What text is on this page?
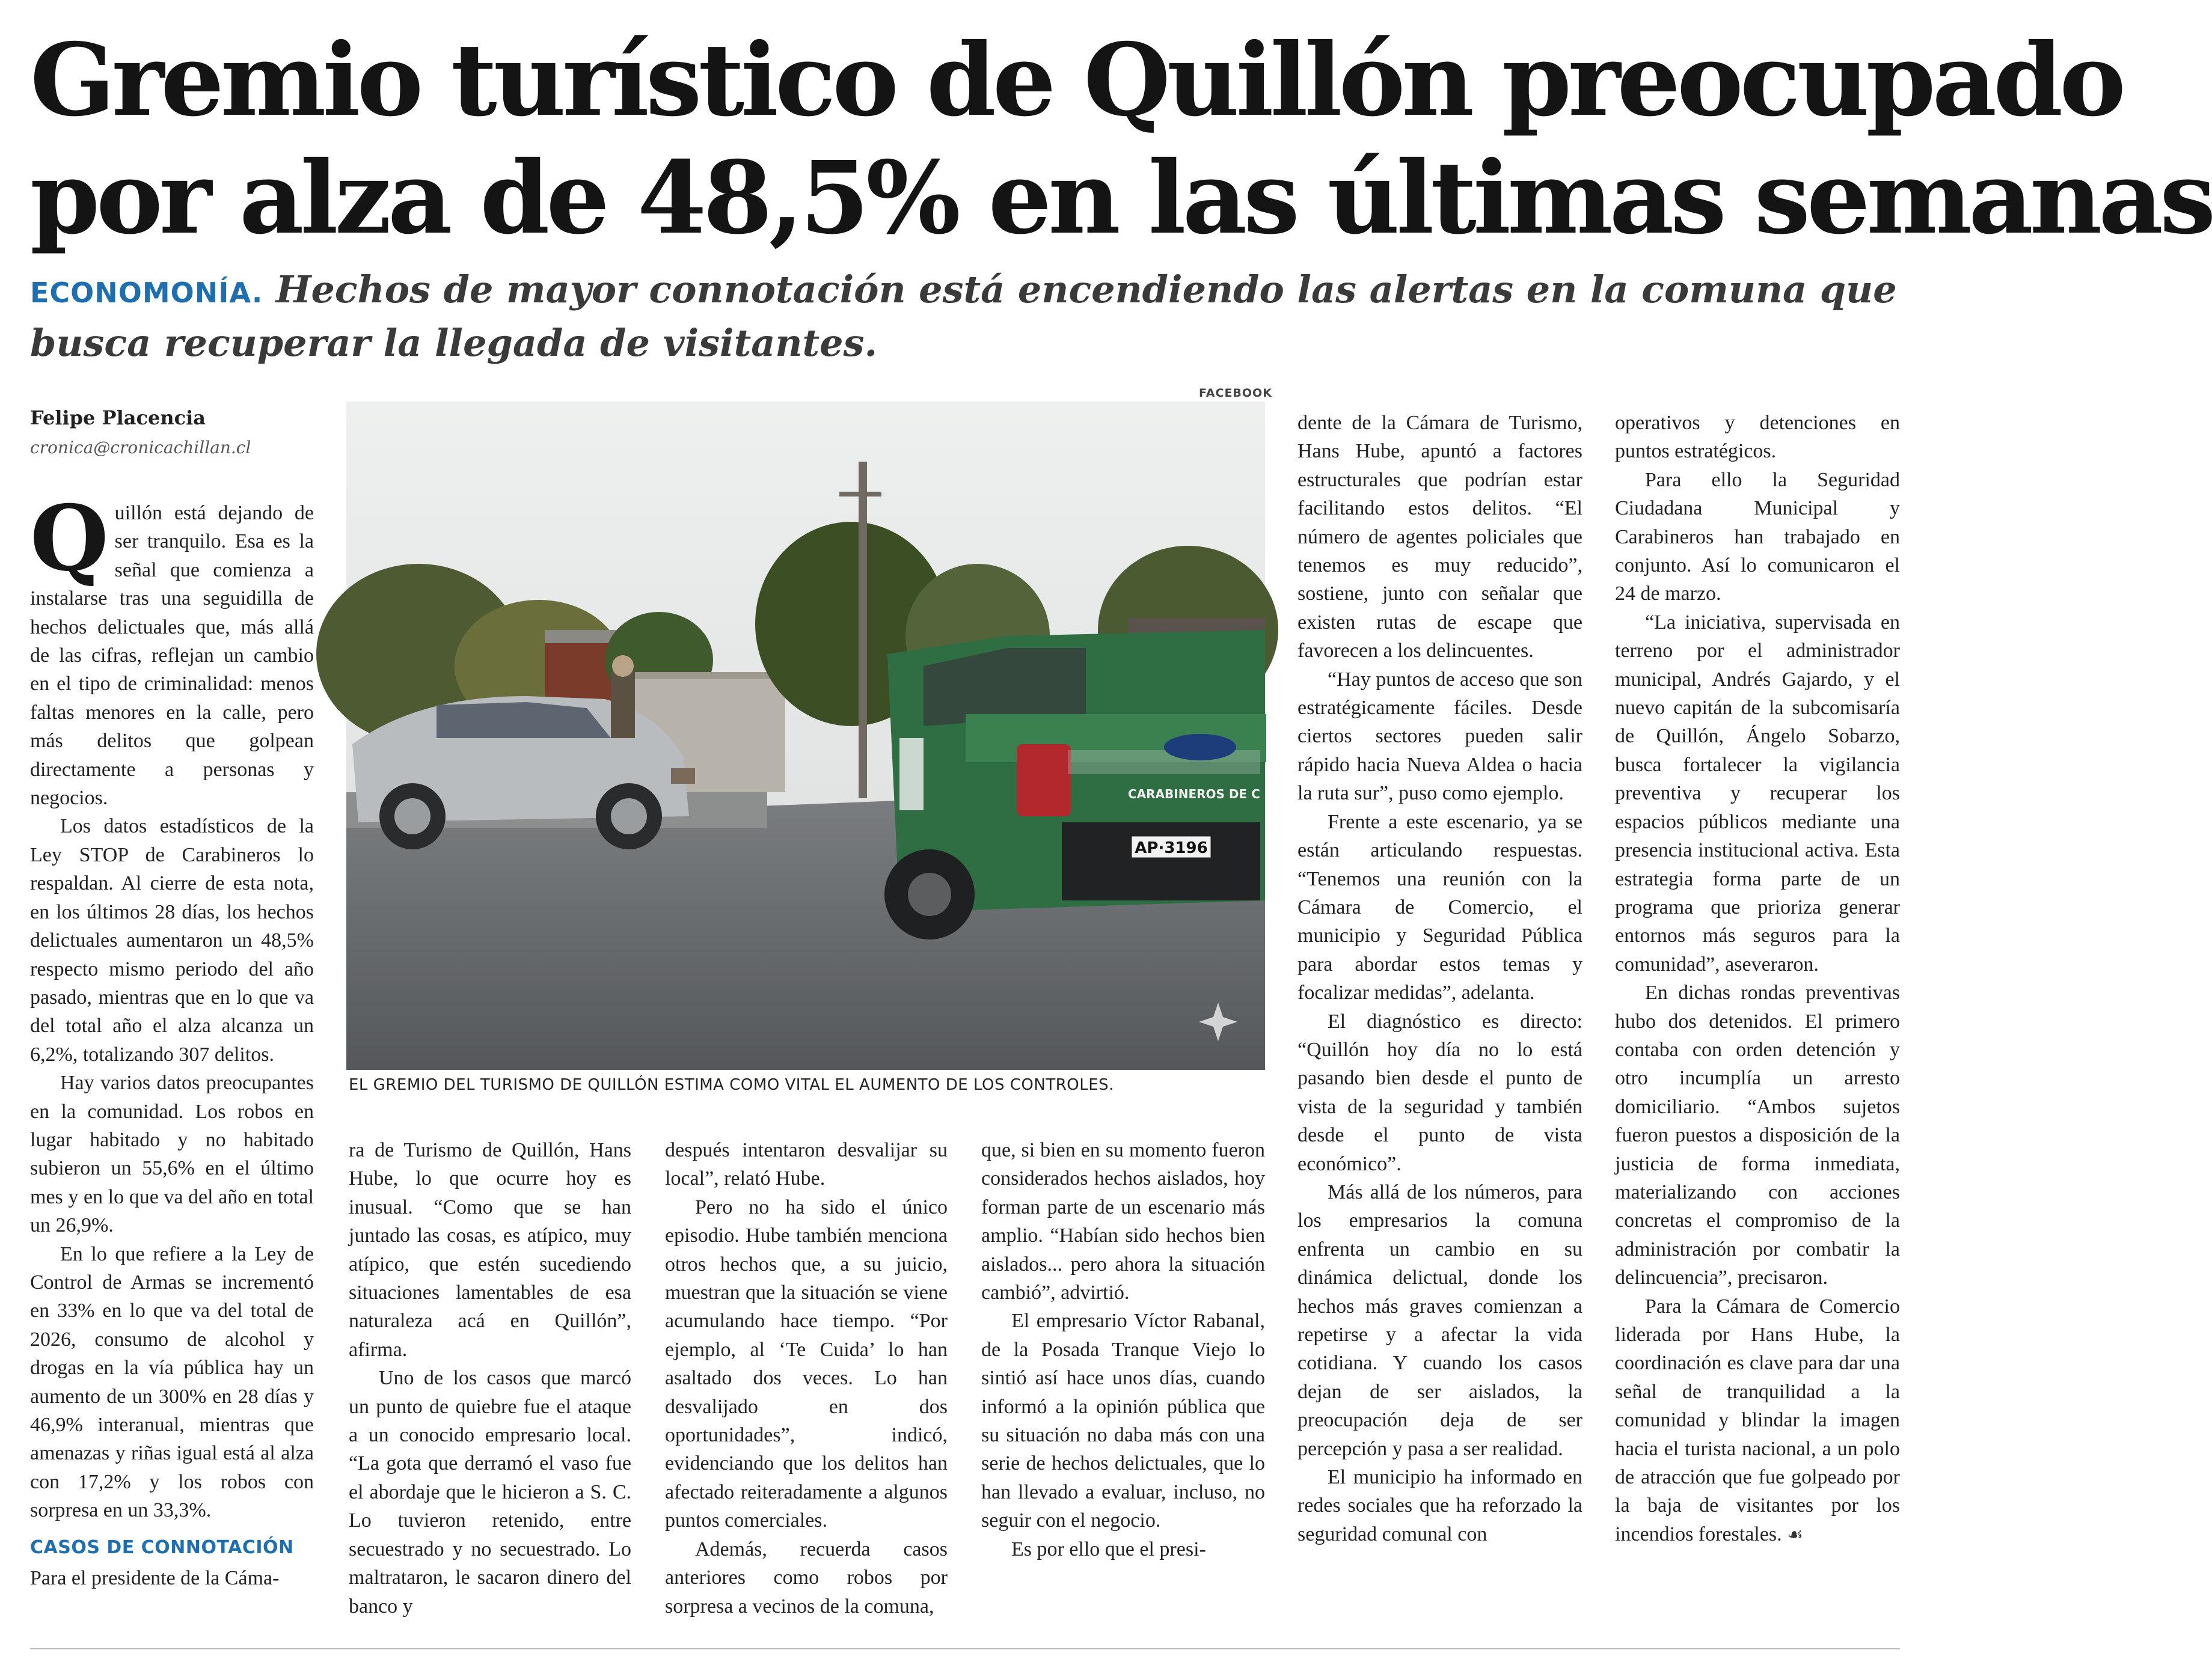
Gremio turístico de Quillón preocupado
por alza de 48,5% en las últimas semanas
ECONOMONÍA. Hechos de mayor connotación está encendiendo las alertas en la comuna que busca recuperar la llegada de visitantes.
Felipe Placencia
cronica@cronicachillan.cl

Quillón está dejando de ser tranquilo. Esa es la señal que comienza a instalarse tras una seguidilla de hechos delictuales que, más allá de las cifras, reflejan un cambio en el tipo de criminalidad: menos faltas menores en la calle, pero más delitos que golpean directamente a personas y negocios.

Los datos estadísticos de la Ley STOP de Carabineros lo respaldan. Al cierre de esta nota, en los últimos 28 días, los hechos delictuales aumentaron un 48,5% respecto mismo periodo del año pasado, mientras que en lo que va del total año el alza alcanza un 6,2%, totalizando 307 delitos.

Hay varios datos preocupantes en la comunidad. Los robos en lugar habitado y no habitado subieron un 55,6% en el último mes y en lo que va del año en total un 26,9%.

En lo que refiere a la Ley de Control de Armas se incrementó en 33% en lo que va del total de 2026, consumo de alcohol y drogas en la vía pública hay un aumento de un 300% en 28 días y 46,9% interanual, mientras que amenazas y riñas igual está al alza con 17,2% y los robos con sorpresa en un 33,3%.

CASOS DE CONNOTACIÓN

Para el presidente de la Cáma-

FACEBOOK
AP·3196
CARABINEROS DE C
EL GREMIO DEL TURISMO DE QUILLÓN ESTIMA COMO VITAL EL AUMENTO DE LOS CONTROLES.

ra de Turismo de Quillón, Hans Hube, lo que ocurre hoy es inusual. “Como que se han juntado las cosas, es atípico, muy atípico, que estén sucediendo situaciones lamentables de esa naturaleza acá en Quillón”, afirma.

Uno de los casos que marcó un punto de quiebre fue el ataque a un conocido empresario local. “La gota que derramó el vaso fue el abordaje que le hicieron a S. C. Lo tuvieron retenido, entre secuestrado y no secuestrado. Lo maltrataron, le sacaron dinero del banco y

después intentaron desvalijar su local”, relató Hube.

Pero no ha sido el único episodio. Hube también menciona otros hechos que, a su juicio, muestran que la situación se viene acumulando hace tiempo. “Por ejemplo, al ‘Te Cuida’ lo han asaltado dos veces. Lo han desvalijado en dos oportunidades”, indicó, evidenciando que los delitos han afectado reiteradamente a algunos puntos comerciales.

Además, recuerda casos anteriores como robos por sorpresa a vecinos de la comuna,

que, si bien en su momento fueron considerados hechos aislados, hoy forman parte de un escenario más amplio. “Habían sido hechos bien aislados... pero ahora la situación cambió”, advirtió.

El empresario Víctor Rabanal, de la Posada Tranque Viejo lo sintió así hace unos días, cuando informó a la opinión pública que su situación no daba más con una serie de hechos delictuales, que lo han llevado a evaluar, incluso, no seguir con el negocio.

Es por ello que el presi-

dente de la Cámara de Turismo, Hans Hube, apuntó a factores estructurales que podrían estar facilitando estos delitos. “El número de agentes policiales que tenemos es muy reducido”, sostiene, junto con señalar que existen rutas de escape que favorecen a los delincuentes.

“Hay puntos de acceso que son estratégicamente fáciles. Desde ciertos sectores pueden salir rápido hacia Nueva Aldea o hacia la ruta sur”, puso como ejemplo.

Frente a este escenario, ya se están articulando respuestas. “Tenemos una reunión con la Cámara de Comercio, el municipio y Seguridad Pública para abordar estos temas y focalizar medidas”, adelanta.

El diagnóstico es directo: “Quillón hoy día no lo está pasando bien desde el punto de vista de la seguridad y también desde el punto de vista económico”.

Más allá de los números, para los empresarios la comuna enfrenta un cambio en su dinámica delictual, donde los hechos más graves comienzan a repetirse y a afectar la vida cotidiana. Y cuando los casos dejan de ser aislados, la preocupación deja de ser percepción y pasa a ser realidad.

El municipio ha informado en redes sociales que ha reforzado la seguridad comunal con

operativos y detenciones en puntos estratégicos.

Para ello la Seguridad Ciudadana Municipal y Carabineros han trabajado en conjunto. Así lo comunicaron el 24 de marzo.

“La iniciativa, supervisada en terreno por el administrador municipal, Andrés Gajardo, y el nuevo capitán de la subcomisaría de Quillón, Ángelo Sobarzo, busca fortalecer la vigilancia preventiva y recuperar los espacios públicos mediante una presencia institucional activa. Esta estrategia forma parte de un programa que prioriza generar entornos más seguros para la comunidad”, aseveraron.

En dichas rondas preventivas hubo dos detenidos. El primero contaba con orden detención y otro incumplía un arresto domiciliario. “Ambos sujetos fueron puestos a disposición de la justicia de forma inmediata, materializando con acciones concretas el compromiso de la administración por combatir la delincuencia”, precisaron.

Para la Cámara de Comercio liderada por Hans Hube, la coordinación es clave para dar una señal de tranquilidad a la comunidad y blindar la imagen hacia el turista nacional, a un polo de atracción que fue golpeado por la baja de visitantes por los incendios forestales. ☙
